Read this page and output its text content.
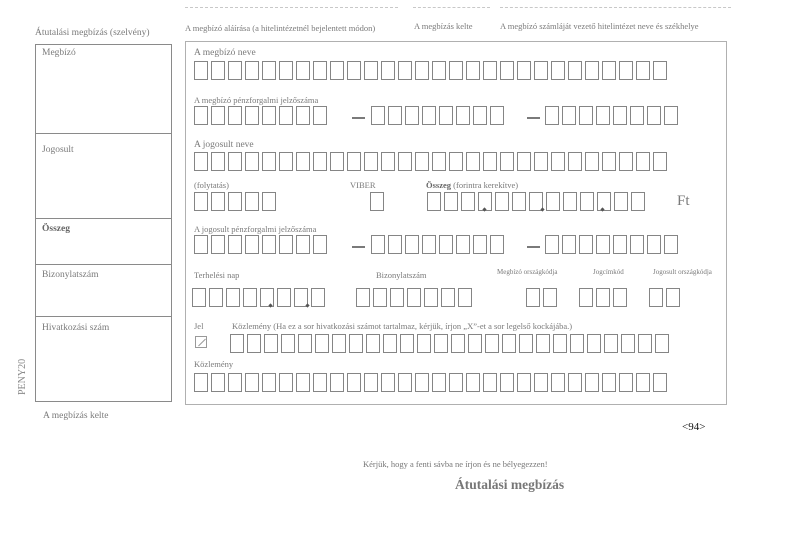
Átutalási megbízás (szelvény)	A megbízó aláírása (a hitelintézetnél bejelentett módon)	A megbízás kelte	A megbízó számláját vezető hitelintézet neve és székhelye
Megbízó
Jogosult
Összeg
Bizonylatszám
Hivatkozási szám
A megbízás kelte
PENY20
A megbízó neve
A megbízó pénzforgalmi jelzőszáma
A jogosult neve
(folytatás)	VIBER	Összeg (forintra kerekítve)
Ft
A jogosult pénzforgalmi jelzőszáma
Terhelési nap	Bizonylatszám	Megbízó országkódja	Jogcímkód	Jogosult országkódja
Jel	Közlemény (Ha ez a sor hivatkozási számot tartalmaz, kérjük, írjon „X”-et a sor legelső kockájába.)
Közlemény
<94>
Kérjük, hogy a fenti sávba ne írjon és ne bélyegezzen!
Átutalási megbízás
